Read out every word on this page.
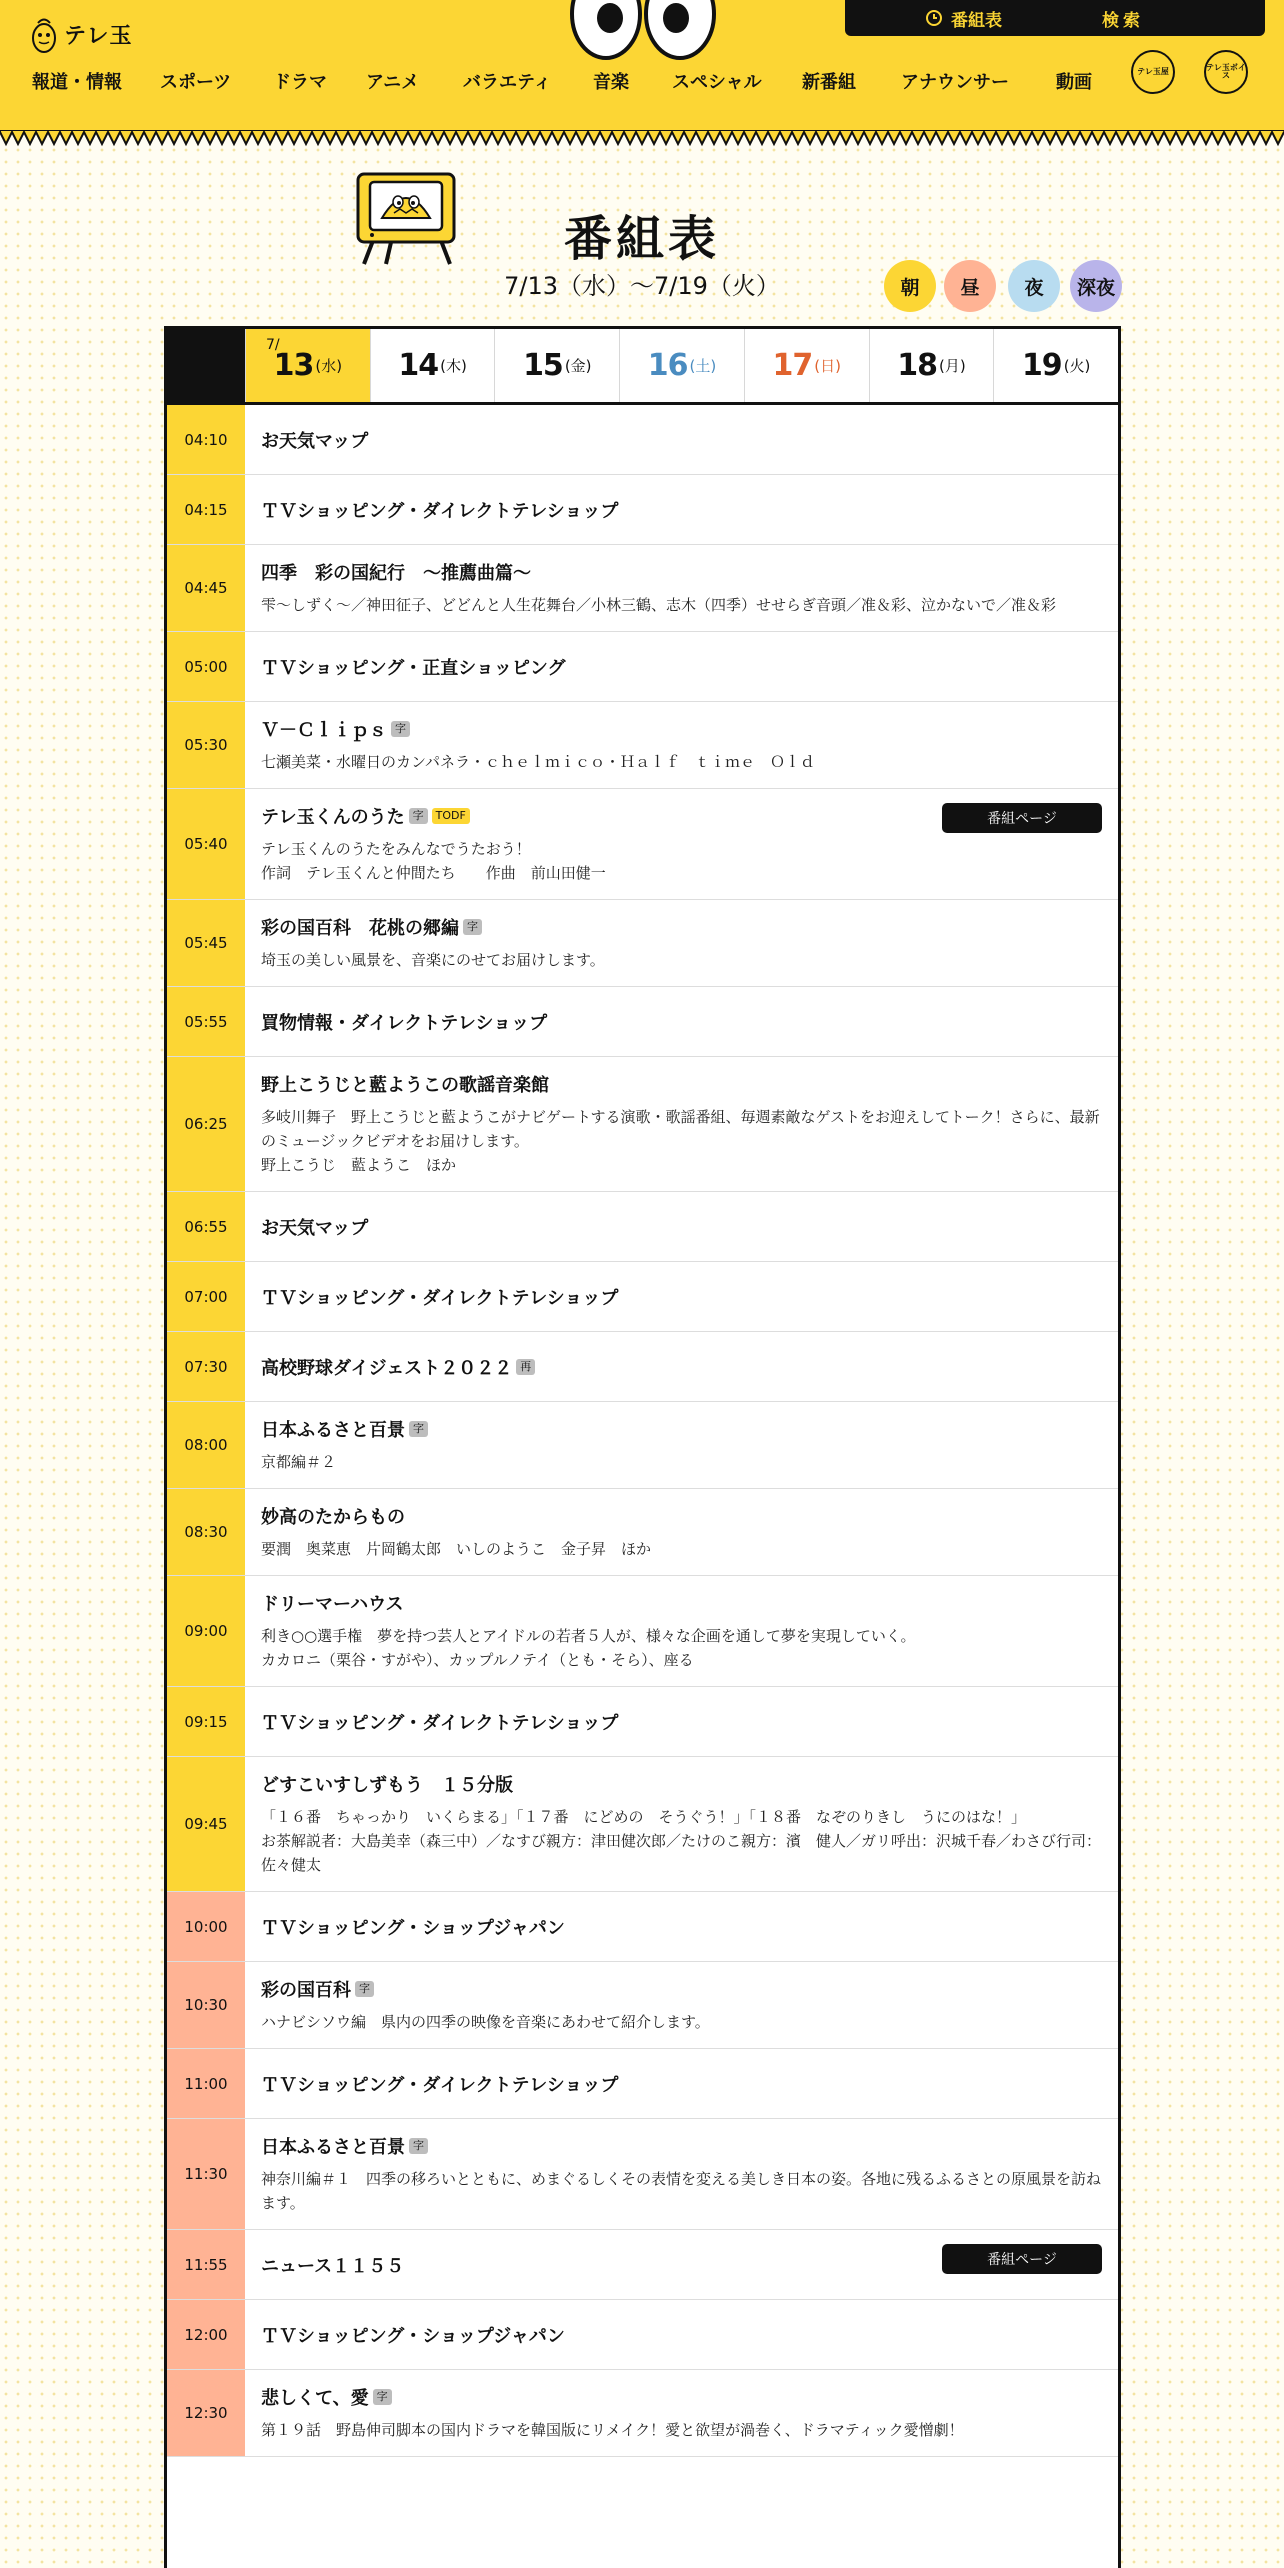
テレ玉
番組表	検索
報道・情報 スポーツ ドラマ アニメ バラエティ 音楽 スペシャル 新番組	アナウンサー	動画
テレ玉屋	テレ玉ボイス
番組表
7/13（水）〜7/19（火）	朝	昼	夜	深夜
7/
13 (水) 14 (木) 15 (金) 16 (土) 17 (日) 18 (月) 19 (火)
04:10	お天気マップ
04:15	ＴＶショッピング・ダイレクトテレショップ
04:45
四季　彩の国紀行　～推薦曲篇～
雫～しずく～／神田征子、どどんと人生花舞台／小林三鶴、志木（四季）せせらぎ音頭／准＆彩、泣かないで／准＆彩
05:00	ＴＶショッピング・正直ショッピング
05:30
Ｖ－Ｃｌｉｐｓ 字
七瀬美菜・水曜日のカンパネラ・ｃｈｅｌｍｉｃｏ・Ｈａｌｆ　ｔｉｍｅ　Ｏｌｄ
05:40
テレ玉くんのうた 字	TODF
テレ玉くんのうたをみんなでうたおう！
作詞　テレ玉くんと仲間たち　　作曲　前山田健一
番組ページ
05:45
彩の国百科　花桃の郷編 字
埼玉の美しい風景を、音楽にのせてお届けします。
05:55	買物情報・ダイレクトテレショップ
06:25
野上こうじと藍ようこの歌謡音楽館
多岐川舞子　野上こうじと藍ようこがナビゲートする演歌・歌謡番組、毎週素敵なゲストをお迎えしてトーク！さらに、最新のミュージックビデオをお届けします。
野上こうじ　藍ようこ　ほか
06:55	お天気マップ
07:00	ＴＶショッピング・ダイレクトテレショップ
07:30	高校野球ダイジェスト２０２２ 再
08:00
日本ふるさと百景 字
京都編＃２
08:30
妙高のたからもの
要潤　奥菜恵　片岡鶴太郎　いしのようこ　金子昇　ほか
09:00
ドリーマーハウス
利き○○選手権　夢を持つ芸人とアイドルの若者５人が、様々な企画を通して夢を実現していく。
カカロニ（栗谷・すがや）、カップルノテイ（とも・そら）、座る
09:15	ＴＶショッピング・ダイレクトテレショップ
09:45
どすこいすしずもう　１５分版
「１６番　ちゃっかり　いくらまる」「１７番　にどめの　そうぐう！」「１８番　なぞのりきし　うにのはな！」
お茶解説者：大島美幸（森三中）／なすび親方：津田健次郎／たけのこ親方：濱　健人／ガリ呼出：沢城千春／わさび行司：佐々健太
10:00	ＴＶショッピング・ショップジャパン
10:30
彩の国百科 字
ハナビシソウ編　県内の四季の映像を音楽にあわせて紹介します。
11:00	ＴＶショッピング・ダイレクトテレショップ
11:30
日本ふるさと百景 字
神奈川編＃１　四季の移ろいとともに、めまぐるしくその表情を変える美しき日本の姿。各地に残るふるさとの原風景を訪ねます。
11:55	ニュース１１５５	番組ページ
12:00	ＴＶショッピング・ショップジャパン
12:30
悲しくて、愛 字
第１９話　野島伸司脚本の国内ドラマを韓国版にリメイク！愛と欲望が渦巻く、ドラマティック愛憎劇！
